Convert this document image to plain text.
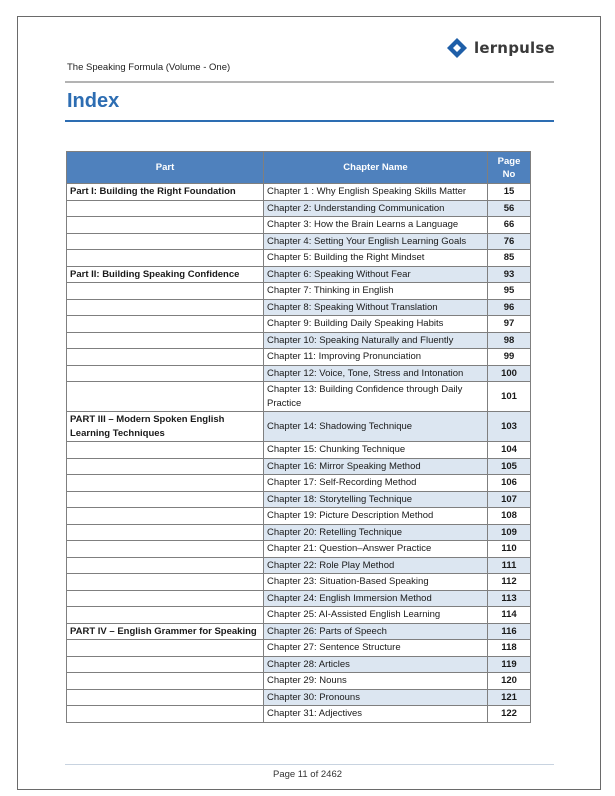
lernpulse
The Speaking Formula (Volume - One)
Index
Part	Chapter Name	Page No
Part I: Building the Right Foundation	Chapter 1 : Why English Speaking Skills Matter	15
	Chapter 2: Understanding Communication	56
	Chapter 3: How the Brain Learns a Language	66
	Chapter 4: Setting Your English Learning Goals	76
	Chapter 5: Building the Right Mindset	85
Part II: Building Speaking Confidence	Chapter 6: Speaking Without Fear	93
	Chapter 7: Thinking in English	95
	Chapter 8: Speaking Without Translation	96
	Chapter 9: Building Daily Speaking Habits	97
	Chapter 10: Speaking Naturally and Fluently	98
	Chapter 11: Improving Pronunciation	99
	Chapter 12: Voice, Tone, Stress and Intonation	100
	Chapter 13: Building Confidence through Daily Practice	101
PART III – Modern Spoken English Learning Techniques	Chapter 14: Shadowing Technique	103
	Chapter 15: Chunking Technique	104
	Chapter 16: Mirror Speaking Method	105
	Chapter 17: Self-Recording Method	106
	Chapter 18: Storytelling Technique	107
	Chapter 19: Picture Description Method	108
	Chapter 20: Retelling Technique	109
	Chapter 21: Question–Answer Practice	110
	Chapter 22: Role Play Method	111
	Chapter 23: Situation-Based Speaking	112
	Chapter 24: English Immersion Method	113
	Chapter 25: AI-Assisted English Learning	114
PART IV – English Grammer for Speaking	Chapter 26: Parts of Speech	116
	Chapter 27: Sentence Structure	118
	Chapter 28: Articles	119
	Chapter 29: Nouns	120
	Chapter 30: Pronouns	121
	Chapter 31: Adjectives	122
Page 11 of 2462
